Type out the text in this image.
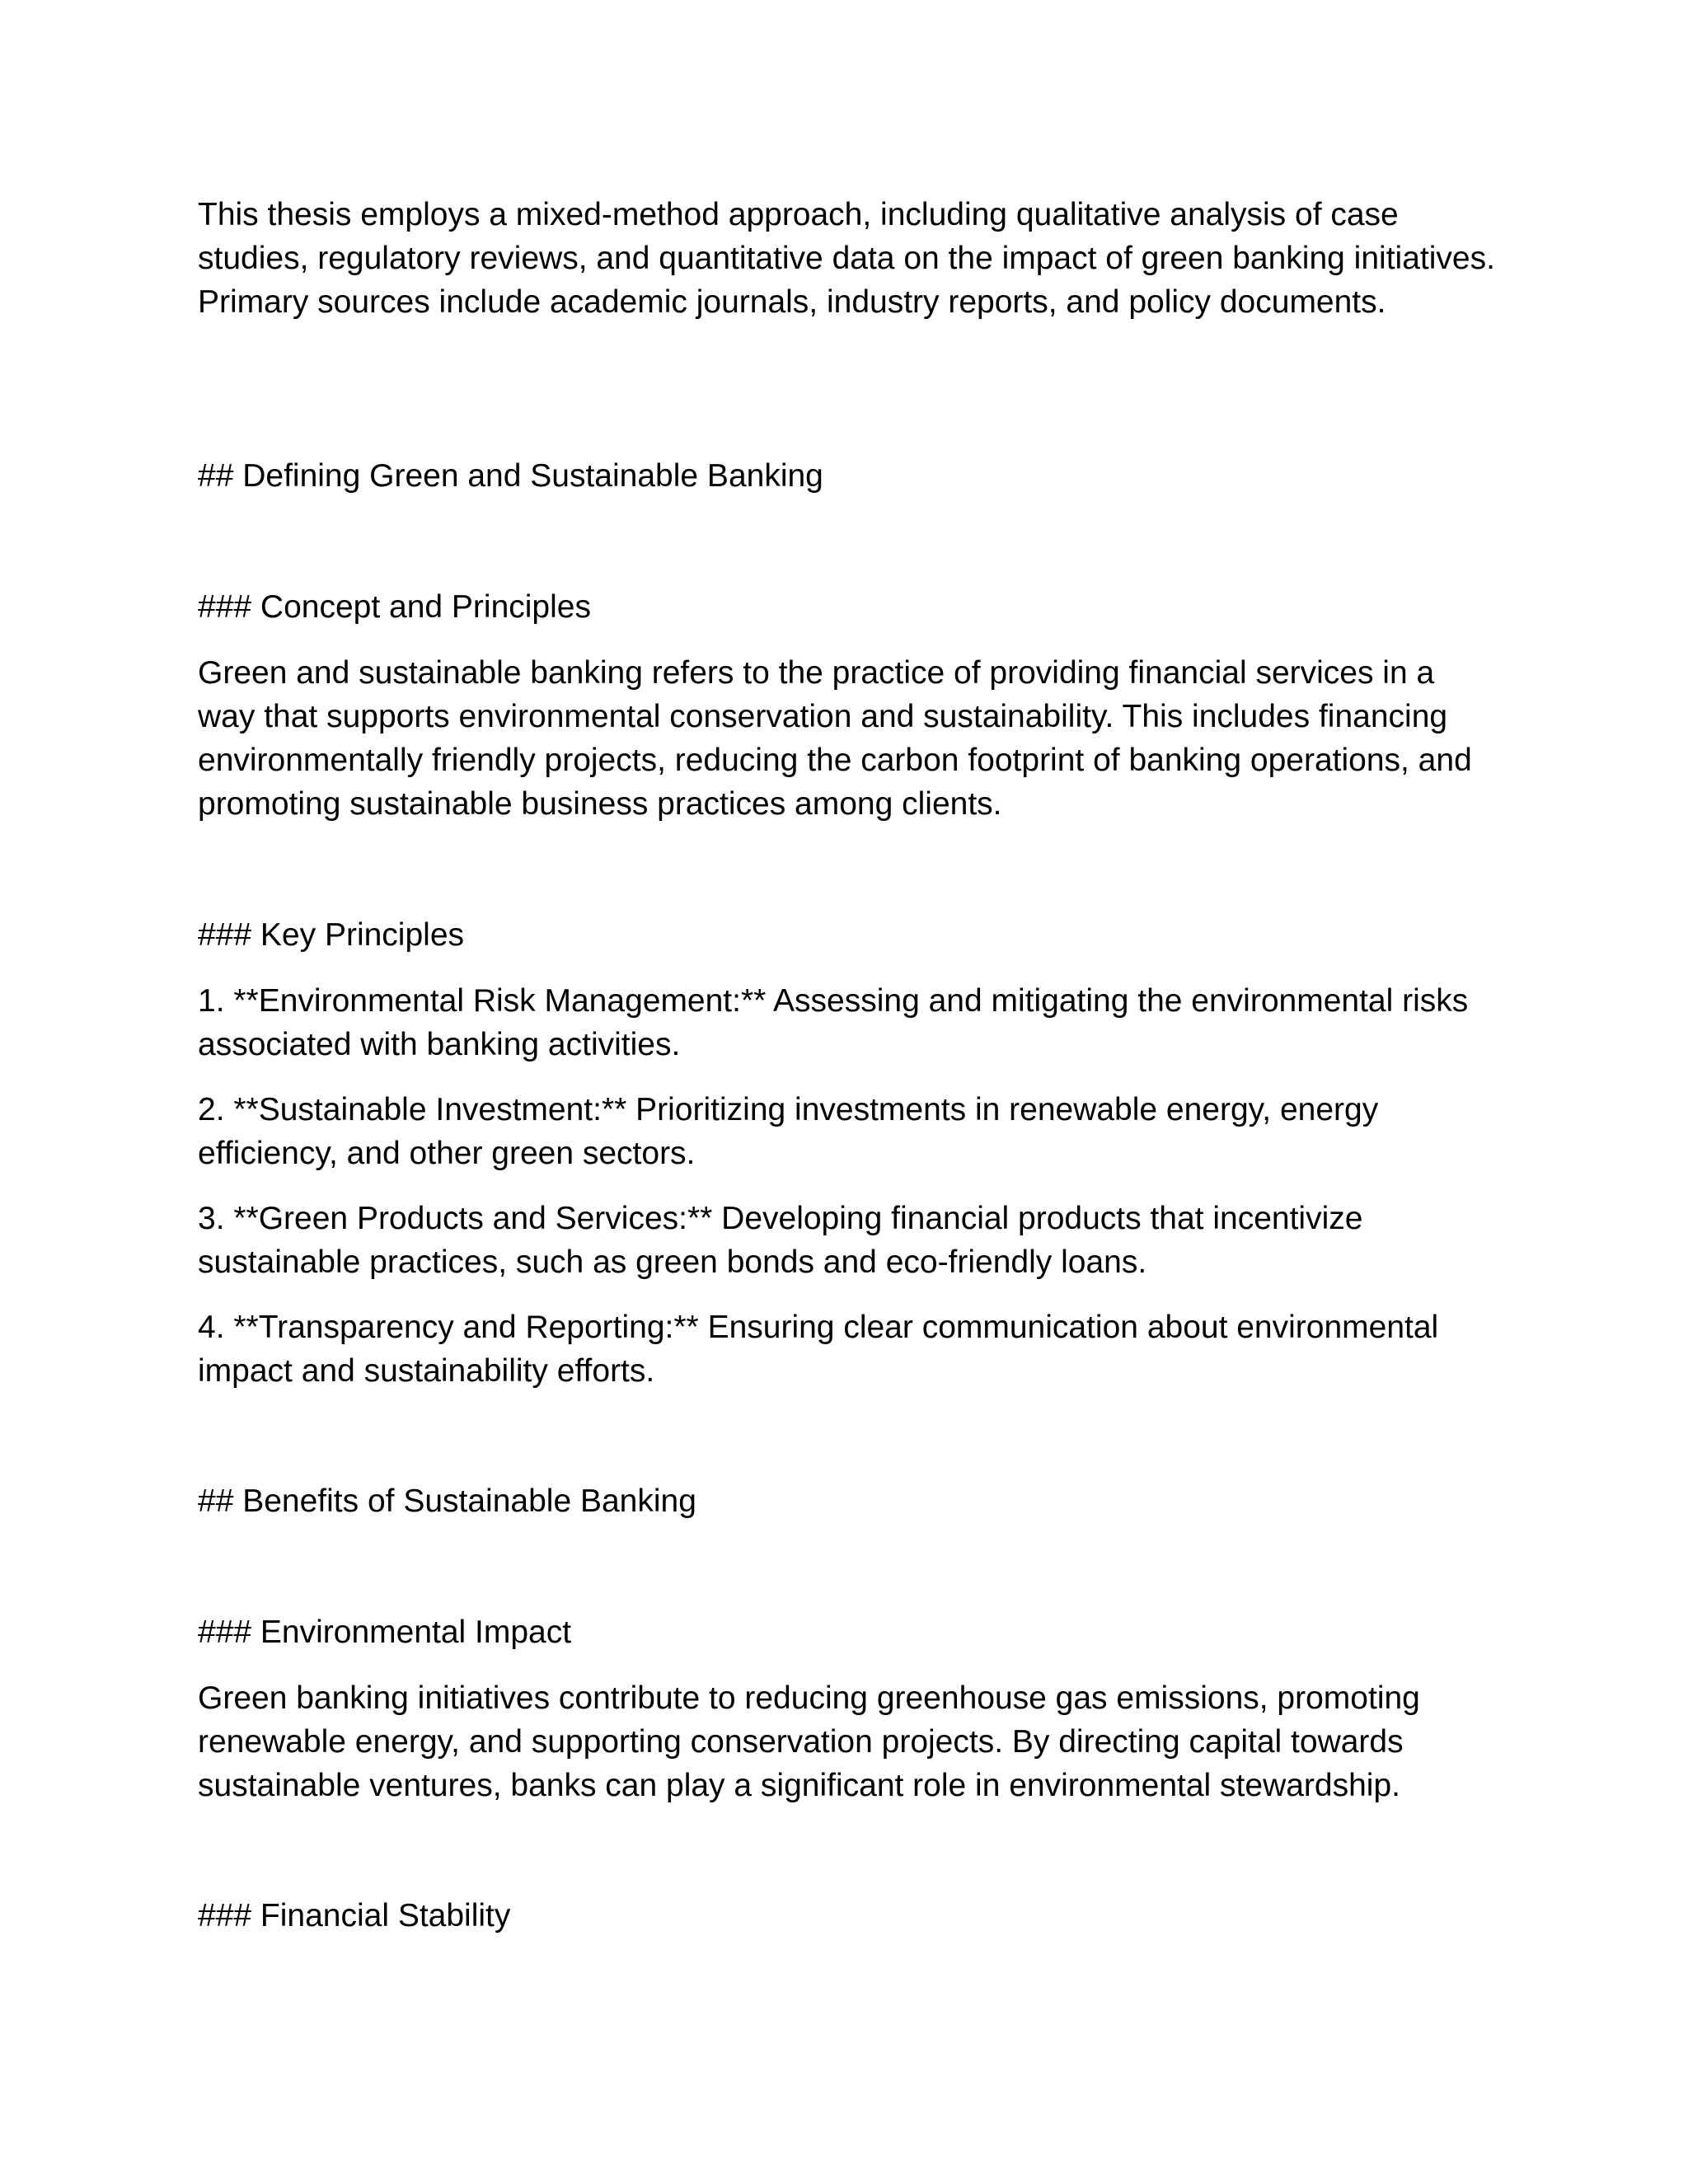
This thesis employs a mixed-method approach, including qualitative analysis of case studies, regulatory reviews, and quantitative data on the impact of green banking initiatives. Primary sources include academic journals, industry reports, and policy documents.

## Defining Green and Sustainable Banking

### Concept and Principles

Green and sustainable banking refers to the practice of providing financial services in a way that supports environmental conservation and sustainability. This includes financing environmentally friendly projects, reducing the carbon footprint of banking operations, and promoting sustainable business practices among clients.

### Key Principles

1. **Environmental Risk Management:** Assessing and mitigating the environmental risks associated with banking activities.

2. **Sustainable Investment:** Prioritizing investments in renewable energy, energy efficiency, and other green sectors.

3. **Green Products and Services:** Developing financial products that incentivize sustainable practices, such as green bonds and eco-friendly loans.

4. **Transparency and Reporting:** Ensuring clear communication about environmental impact and sustainability efforts.

## Benefits of Sustainable Banking

### Environmental Impact

Green banking initiatives contribute to reducing greenhouse gas emissions, promoting renewable energy, and supporting conservation projects. By directing capital towards sustainable ventures, banks can play a significant role in environmental stewardship.

### Financial Stability
